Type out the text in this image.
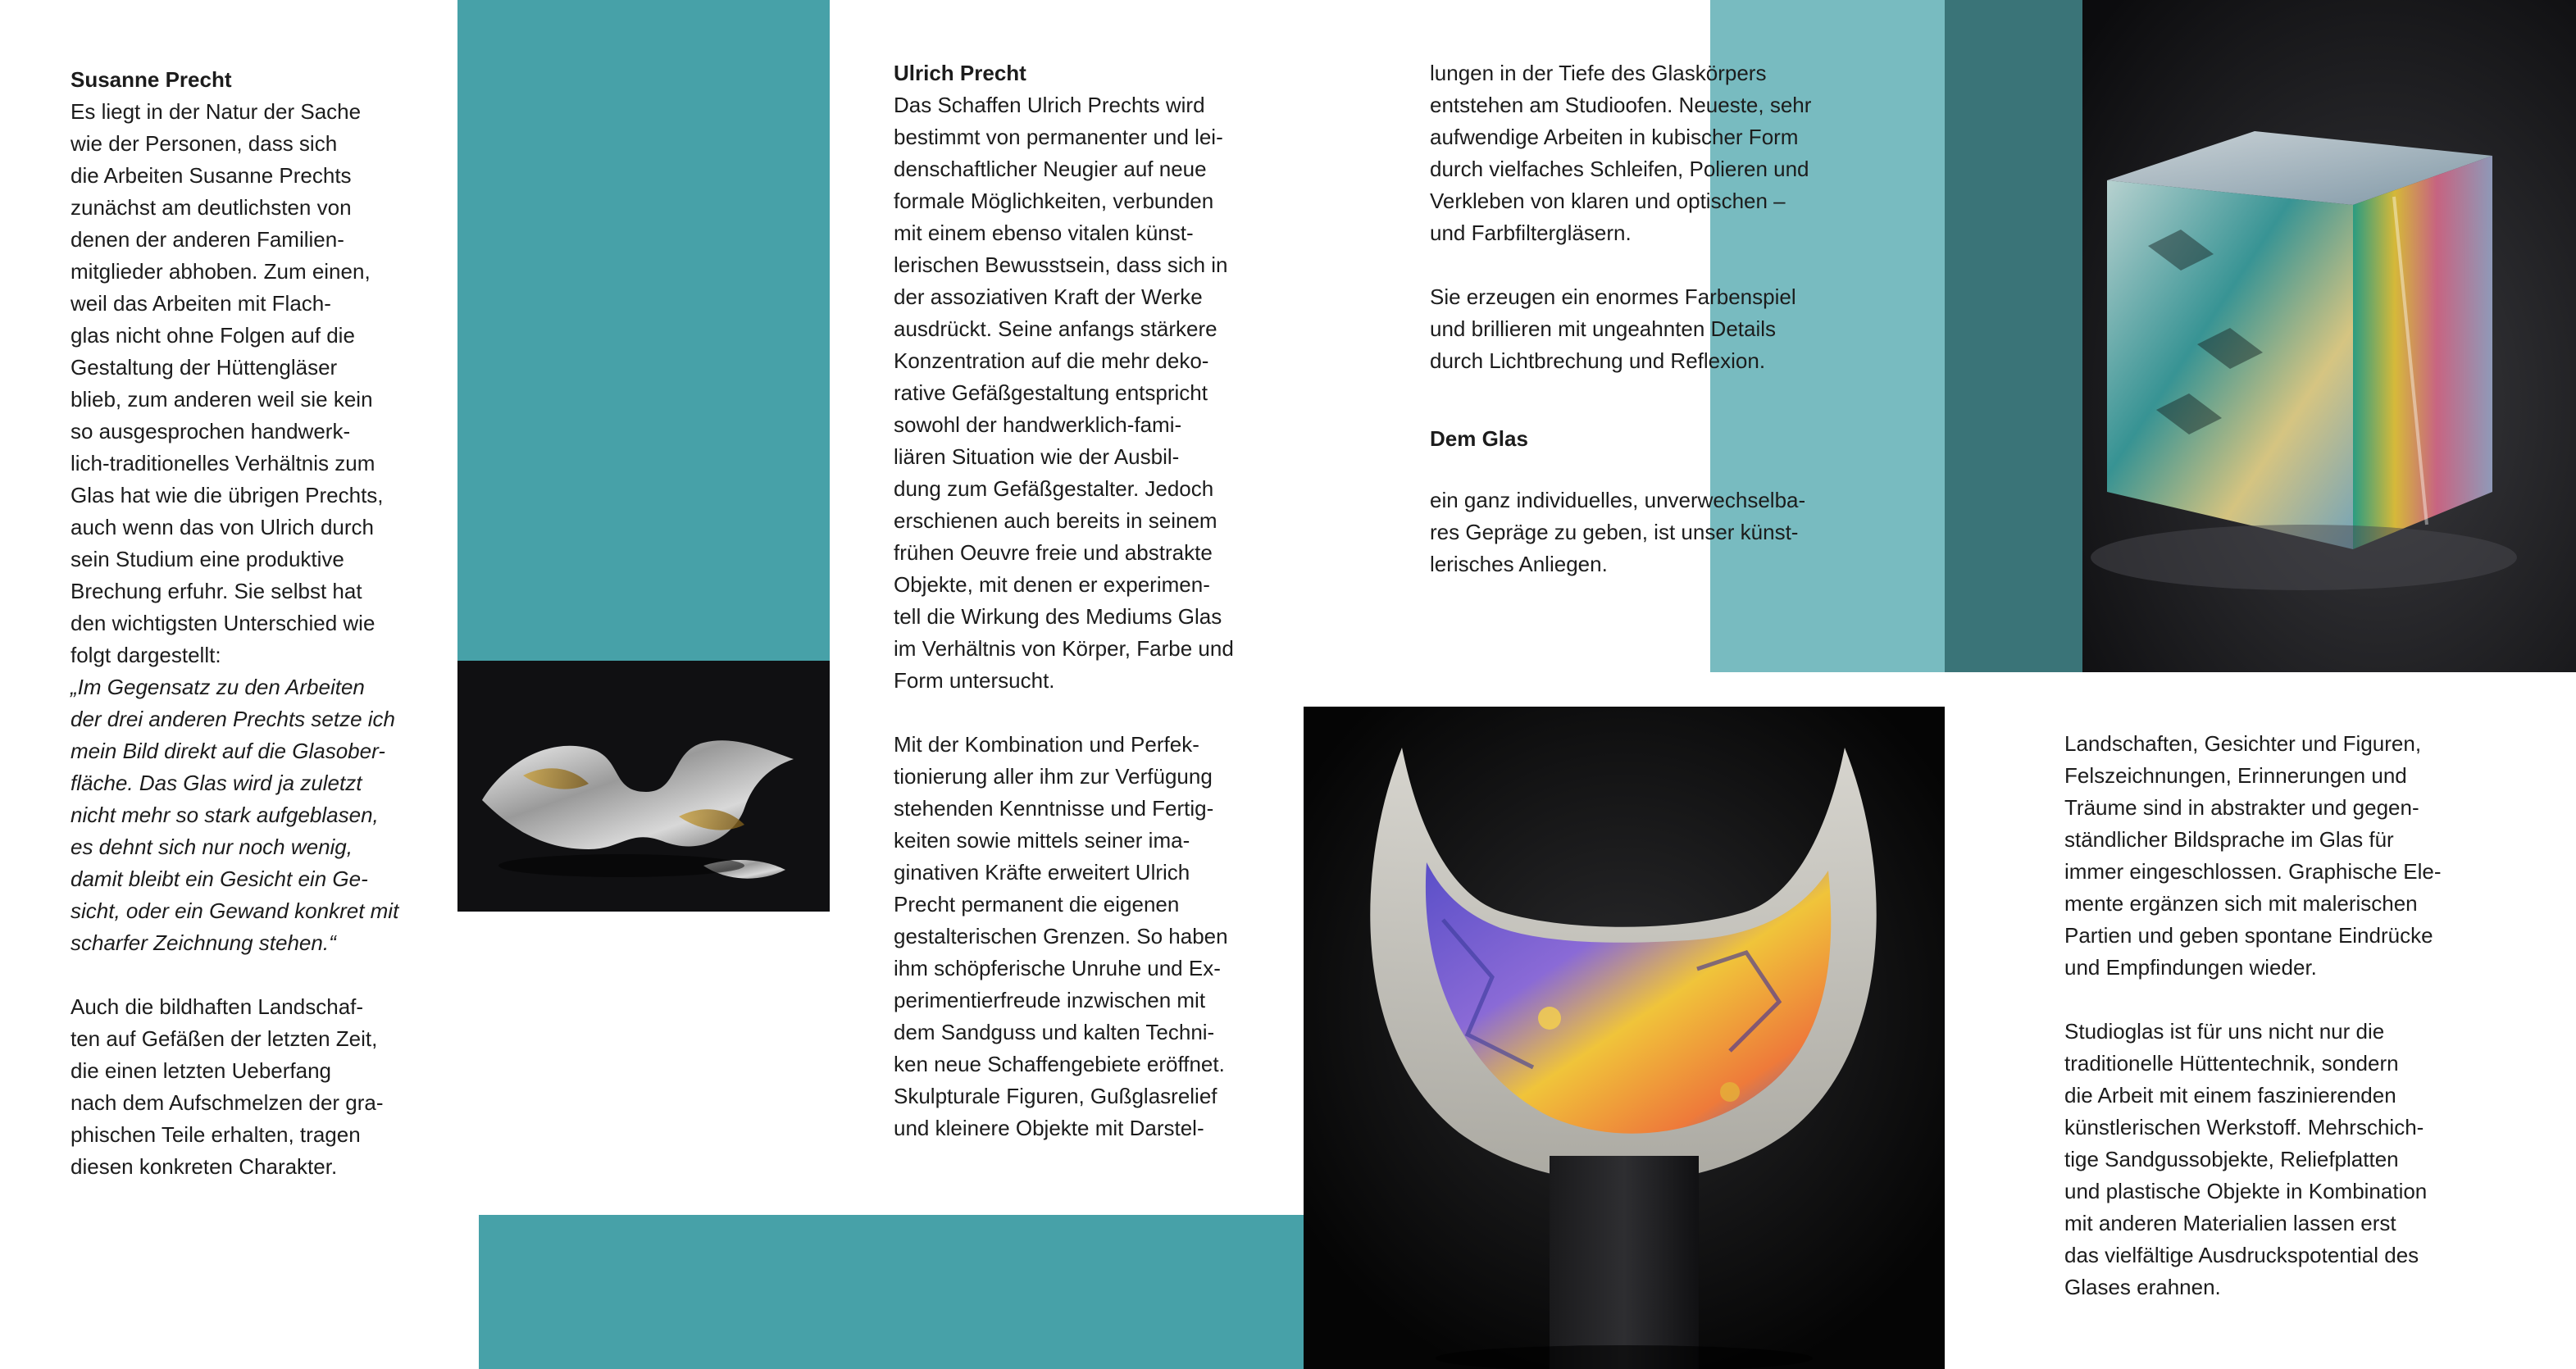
Susanne Precht

Es liegt in der Natur der Sache
wie der Personen, dass sich
die Arbeiten Susanne Prechts
zunächst am deutlichsten von
denen der anderen Familien-
mitglieder abhoben. Zum einen,
weil das Arbeiten mit Flach-
glas nicht ohne Folgen auf die
Gestaltung der Hüttengläser
blieb, zum anderen weil sie kein
so ausgesprochen handwerk-
lich-traditionelles Verhältnis zum
Glas hat wie die übrigen Prechts,
auch wenn das von Ulrich durch
sein Studium eine produktive
Brechung erfuhr. Sie selbst hat
den wichtigsten Unterschied wie
folgt dargestellt:

„Im Gegensatz zu den Arbeiten
der drei anderen Prechts setze ich
mein Bild direkt auf die Glasober-
fläche. Das Glas wird ja zuletzt
nicht mehr so stark aufgeblasen,
es dehnt sich nur noch wenig,
damit bleibt ein Gesicht ein Ge-
sicht, oder ein Gewand konkret mit
scharfer Zeichnung stehen.“

Auch die bildhaften Landschaf-
ten auf Gefäßen der letzten Zeit,
die einen letzten Ueberfang
nach dem Aufschmelzen der gra-
phischen Teile erhalten, tragen
diesen konkreten Charakter.

Ulrich Precht

Das Schaffen Ulrich Prechts wird
bestimmt von permanenter und lei-
denschaftlicher Neugier auf neue
formale Möglichkeiten, verbunden
mit einem ebenso vitalen künst-
lerischen Bewusstsein, dass sich in
der assoziativen Kraft der Werke
ausdrückt. Seine anfangs stärkere
Konzentration auf die mehr deko-
rative Gefäßgestaltung entspricht
sowohl der handwerklich-fami-
liären Situation wie der Ausbil-
dung zum Gefäßgestalter. Jedoch
erschienen auch bereits in seinem
frühen Oeuvre freie und abstrakte
Objekte, mit denen er experimen-
tell die Wirkung des Mediums Glas
im Verhältnis von Körper, Farbe und
Form untersucht.

Mit der Kombination und Perfek-
tionierung aller ihm zur Verfügung
stehenden Kenntnisse und Fertig-
keiten sowie mittels seiner ima-
ginativen Kräfte erweitert Ulrich
Precht permanent die eigenen
gestalterischen Grenzen. So haben
ihm schöpferische Unruhe und Ex-
perimentierfreude inzwischen mit
dem Sandguss und kalten Techni-
ken neue Schaffengebiete eröffnet.
Skulpturale Figuren, Gußglasrelief
und kleinere Objekte mit Darstel-

lungen in der Tiefe des Glaskörpers
entstehen am Studioofen. Neueste, sehr
aufwendige Arbeiten in kubischer Form
durch vielfaches Schleifen, Polieren und
Verkleben von klaren und optischen –
und Farbfiltergläsern.

Sie erzeugen ein enormes Farbenspiel
und brillieren mit ungeahnten Details
durch Lichtbrechung und Reflexion.

Dem Glas

ein ganz individuelles, unverwechselba-
res Gepräge zu geben, ist unser künst-
lerisches Anliegen.

Landschaften, Gesichter und Figuren,
Felszeichnungen, Erinnerungen und
Träume sind in abstrakter und gegen-
ständlicher Bildsprache im Glas für
immer eingeschlossen. Graphische Ele-
mente ergänzen sich mit malerischen
Partien und geben spontane Eindrücke
und Empfindungen wieder.

Studioglas ist für uns nicht nur die
traditionelle Hüttentechnik, sondern
die Arbeit mit einem faszinierenden
künstlerischen Werkstoff. Mehrschich-
tige Sandgussobjekte, Reliefplatten
und plastische Objekte in Kombination
mit anderen Materialien lassen erst
das vielfältige Ausdruckspotential des
Glases erahnen.
